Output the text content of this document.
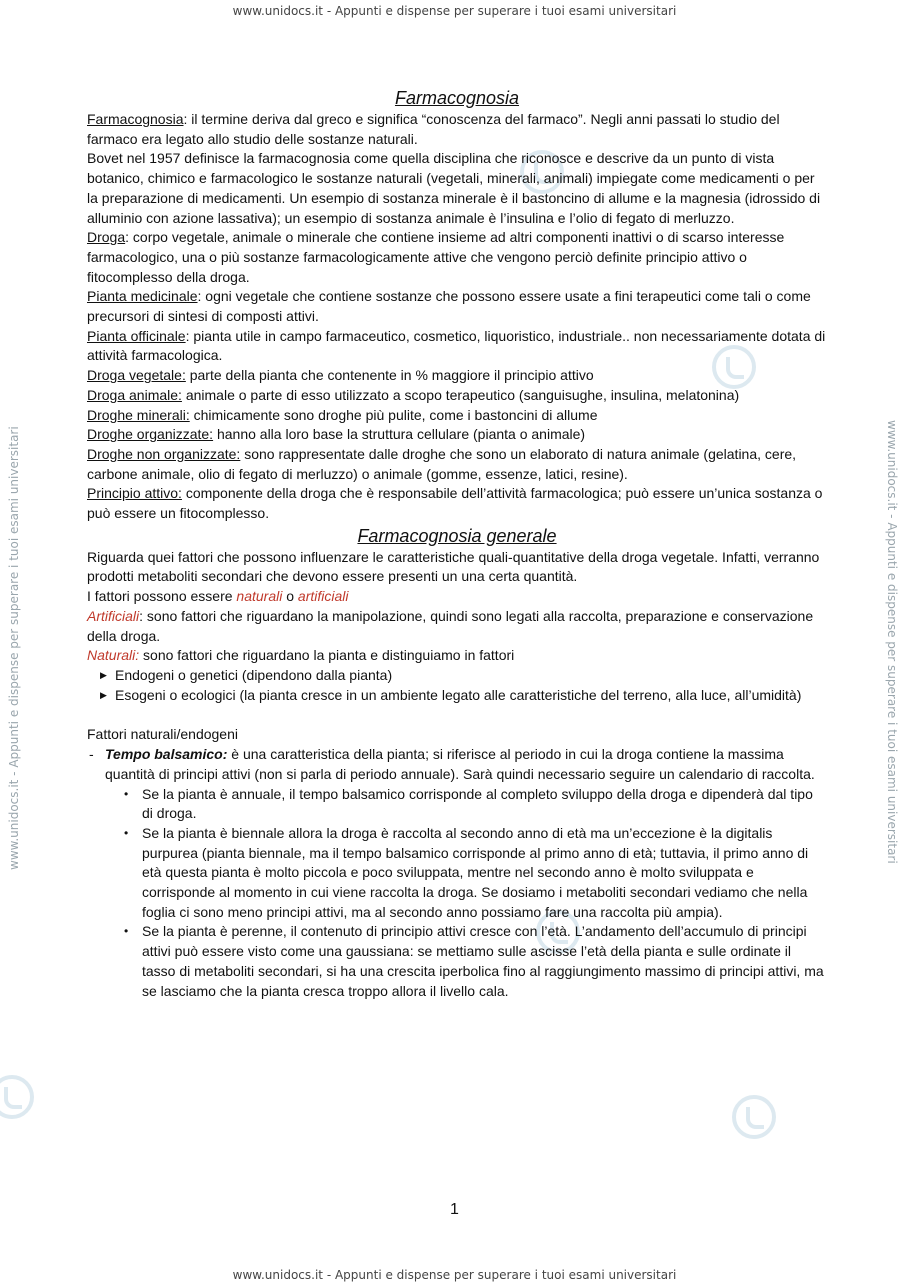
www.unidocs.it - Appunti e dispense per superare i tuoi esami universitari
www.unidocs.it - Appunti e dispense per superare i tuoi esami universitari
www.unidocs.it - Appunti e dispense per superare i tuoi esami universitari

Farmacognosia

Farmacognosia: il termine deriva dal greco e significa “conoscenza del farmaco”. Negli anni passati lo studio del farmaco era legato allo studio delle sostanze naturali.

Bovet nel 1957 definisce la farmacognosia come quella disciplina che riconosce e descrive da un punto di vista botanico, chimico e farmacologico le sostanze naturali (vegetali, minerali, animali) impiegate come medicamenti o per la preparazione di medicamenti. Un esempio di sostanza minerale è il bastoncino di allume e la magnesia (idrossido di alluminio con azione lassativa); un esempio di sostanza animale è l’insulina e l’olio di fegato di merluzzo.

Droga: corpo vegetale, animale o minerale che contiene insieme ad altri componenti inattivi o di scarso interesse farmacologico, una o più sostanze farmacologicamente attive che vengono perciò definite principio attivo o fitocomplesso della droga.

Pianta medicinale: ogni vegetale che contiene sostanze che possono essere usate a fini terapeutici come tali o come precursori di sintesi di composti attivi.

Pianta officinale: pianta utile in campo farmaceutico, cosmetico, liquoristico, industriale.. non necessariamente dotata di attività farmacologica.

Droga vegetale: parte della pianta che contenente in % maggiore il principio attivo

Droga animale: animale o parte di esso utilizzato a scopo terapeutico (sanguisughe, insulina, melatonina)

Droghe minerali: chimicamente sono droghe più pulite, come i bastoncini di allume

Droghe organizzate: hanno alla loro base la struttura cellulare (pianta o animale)

Droghe non organizzate: sono rappresentate dalle droghe che sono un elaborato di natura animale (gelatina, cere, carbone animale, olio di fegato di merluzzo) o animale (gomme, essenze, latici, resine).

Principio attivo: componente della droga che è responsabile dell’attività farmacologica; può essere un’unica sostanza o può essere un fitocomplesso.

Farmacognosia generale

Riguarda quei fattori che possono influenzare le caratteristiche quali-quantitative della droga vegetale. Infatti, verranno prodotti metaboliti secondari che devono essere presenti un una certa quantità.

I fattori possono essere naturali o artificiali

Artificiali: sono fattori che riguardano la manipolazione, quindi sono legati alla raccolta, preparazione e conservazione della droga.

Naturali: sono fattori che riguardano la pianta e distinguiamo in fattori

▶ Endogeni o genetici (dipendono dalla pianta)

▶ Esogeni o ecologici (la pianta cresce in un ambiente legato alle caratteristiche del terreno, alla luce, all’umidità)

Fattori naturali/endogeni

- Tempo balsamico: è una caratteristica della pianta; si riferisce al periodo in cui la droga contiene la massima quantità di principi attivi (non si parla di periodo annuale). Sarà quindi necessario seguire un calendario di raccolta.

• Se la pianta è annuale, il tempo balsamico corrisponde al completo sviluppo della droga e dipenderà dal tipo di droga.

• Se la pianta è biennale allora la droga è raccolta al secondo anno di età ma un’eccezione è la digitalis purpurea (pianta biennale, ma il tempo balsamico corrisponde al primo anno di età; tuttavia, il primo anno di età questa pianta è molto piccola e poco sviluppata, mentre nel secondo anno è molto sviluppata e corrisponde al momento in cui viene raccolta la droga. Se dosiamo i metaboliti secondari vediamo che nella foglia ci sono meno principi attivi, ma al secondo anno possiamo fare una raccolta più ampia).

• Se la pianta è perenne, il contenuto di principio attivi cresce con l’età. L’andamento dell’accumulo di principi attivi può essere visto come una gaussiana: se mettiamo sulle ascisse l’età della pianta e sulle ordinate il tasso di metaboliti secondari, si ha una crescita iperbolica fino al raggiungimento massimo di principi attivi, ma se lasciamo che la pianta cresca troppo allora il livello cala.

1
www.unidocs.it - Appunti e dispense per superare i tuoi esami universitari
